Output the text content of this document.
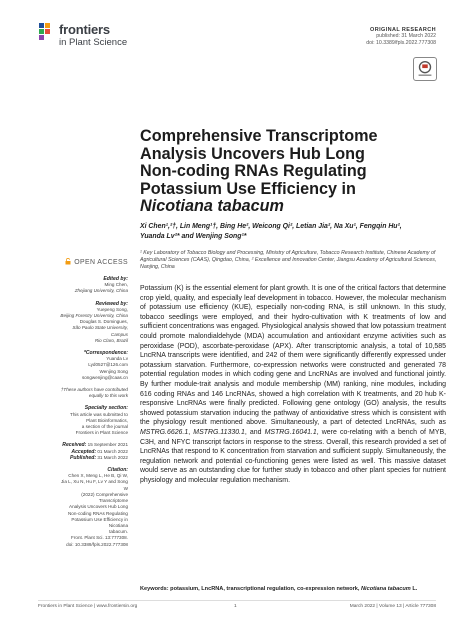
frontiers
in Plant Science
ORIGINAL RESEARCH
published: 31 March 2022
doi: 10.3389/fpls.2022.777308
Comprehensive Transcriptome
Analysis Uncovers Hub Long
Non-coding RNAs Regulating
Potassium Use Efficiency in
Nicotiana tabacum
Xi Chen¹,²†, Lin Meng¹†, Bing He², Weicong Qi², Letian Jia², Na Xu¹, Fengqin Hu²,
Yuanda Lv²* and Wenjing Song¹*

¹ Key Laboratory of Tobacco Biology and Processing, Ministry of Agriculture, Tobacco Research Institute, Chinese Academy of Agricultural Sciences (CAAS), Qingdao, China, ² Excellence and Innovation Center, Jiangsu Academy of Agricultural Sciences, Nanjing, China

OPEN ACCESS
Edited by:
Ming Chen,
Zhejiang University, China
Reviewed by:
Yuepeng Song,
Beijing Forestry University, China
Douglas S. Domingues,
São Paulo State University, Campus
Rio Claro, Brazil
*Correspondence:
Yuanda Lv
Lyd0527@126.com
Wenjing Song
songwenjing@caas.cn
†These authors have contributed equally to this work
Specialty section:
This article was submitted to
Plant Bioinformatics,
a section of the journal
Frontiers in Plant Science
Received: 15 September 2021
Accepted: 01 March 2022
Published: 31 March 2022
Citation:
Chen X, Meng L, He B, Qi W,
Jia L, Xu N, Hu F, Lv Y and Song W
(2022) Comprehensive Transcriptome
Analysis Uncovers Hub Long
Non-coding RNAs Regulating
Potassium Use Efficiency in Nicotiana
tabacum.
Front. Plant Sci. 13:777308.
doi: 10.3389/fpls.2022.777308
Potassium (K) is the essential element for plant growth. It is one of the critical factors that determine crop yield, quality, and especially leaf development in tobacco. However, the molecular mechanism of potassium use efficiency (KUE), especially non-coding RNA, is still unknown. In this study, tobacco seedlings were employed, and their hydro-cultivation with K treatments of low and sufficient concentrations was engaged. Physiological analysis showed that low potassium treatment could promote malondialdehyde (MDA) accumulation and antioxidant enzyme activities such as peroxidase (POD), ascorbate-peroxidase (APX). After transcriptomic analysis, a total of 10,585 LncRNA transcripts were identified, and 242 of them were significantly differently expressed under potassium starvation. Furthermore, co-expression networks were constructed and generated 78 potential regulation modes in which coding gene and LncRNAs are involved and functional jointly. By further module-trait analysis and module membership (MM) ranking, nine modules, including 616 coding RNAs and 146 LncRNAs, showed a high correlation with K treatments, and 20 hub K-responsive LncRNAs were finally predicted. Following gene ontology (GO) analysis, the results showed potassium starvation inducing the pathway of antioxidative stress which is consistent with the physiology result mentioned above. Simultaneously, a part of detected LncRNAs, such as MSTRG.6626.1, MSTRG.11330.1, and MSTRG.16041.1, were co-relating with a bench of MYB, C3H, and NFYC transcript factors in response to the stress. Overall, this research provided a set of LncRNAs that respond to K concentration from starvation and sufficient supply. Simultaneously, the regulation network and potential co-functioning genes were listed as well. This massive dataset would serve as an outstanding clue for further study in tobacco and other plant species for nutrient physiology and molecular regulation mechanism.
Keywords: potassium, LncRNA, transcriptional regulation, co-expression network, Nicotiana tabacum L.
Frontiers in Plant Science | www.frontiersin.org	1	March 2022 | Volume 13 | Article 777308
